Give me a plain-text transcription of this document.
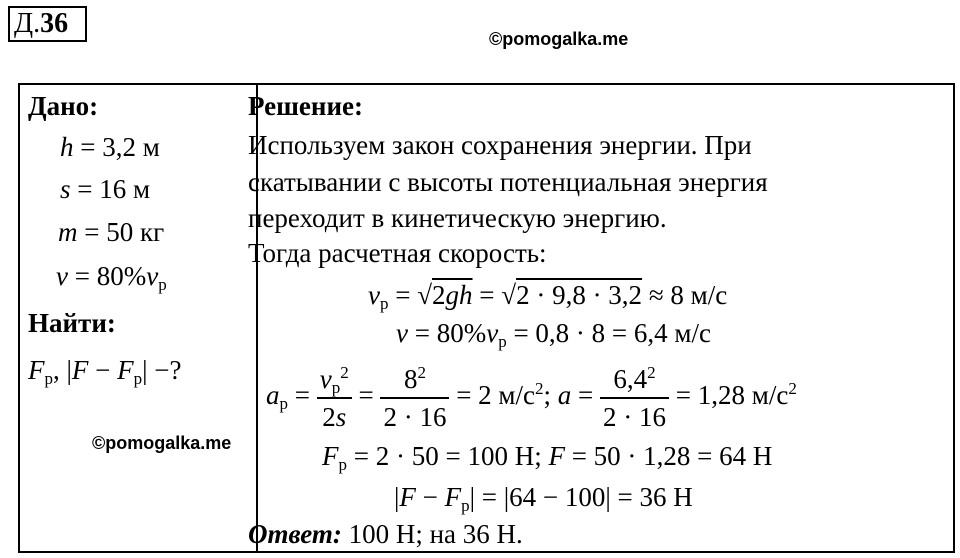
Д.36	©pomogalka.me
Дано:
h = 3,2 м
s = 16 м
m = 50 кг
$v = 80\%v_р$
Найти:
$F_р$, $|F - F_р|$ −?
©pomogalka.me
Решение:
Используем закон сохранения энергии. При
скатывании с высоты потенциальная энергия
переходит в кинетическую энергию.
Тогда расчетная скорость:
$v_р = √2gh = √2 \cdot 9,8 \cdot 3,2 \approx 8$ м/с
$v = 80\%v_р = 0,8 \cdot 8 = 6,4$ м/с
$a_р = \frac{v_р^2}{2s} = \frac{8^2}{2 \cdot 16} = 2$ $м/с^2$; $a = \frac{6,4^2}{2 \cdot 16} = 1,28$ $м/с^2$
$F_р = 2 \cdot 50 = 100$ Н; F = 50 · 1,28 = 64 Н
$|F - F_р| = |64 - 100| = 36$ Н
Ответ: 100 Н; на 36 Н.
